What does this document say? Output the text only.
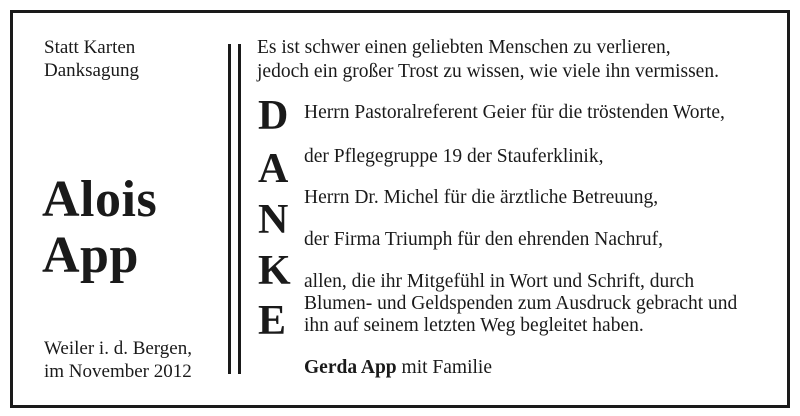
Statt Karten
Danksagung
Alois
App
Weiler i. d. Bergen,
im November 2012
Es ist schwer einen geliebten Menschen zu verlieren,
jedoch ein großer Trost zu wissen, wie viele ihn vermissen.
D
A
N
K
E
Herrn Pastoralreferent Geier für die tröstenden Worte,
der Pflegegruppe 19 der Stauferklinik,
Herrn Dr. Michel für die ärztliche Betreuung,
der Firma Triumph für den ehrenden Nachruf,
allen, die ihr Mitgefühl in Wort und Schrift, durch
Blumen- und Geldspenden zum Ausdruck gebracht und
ihn auf seinem letzten Weg begleitet haben.
Gerda App mit Familie
